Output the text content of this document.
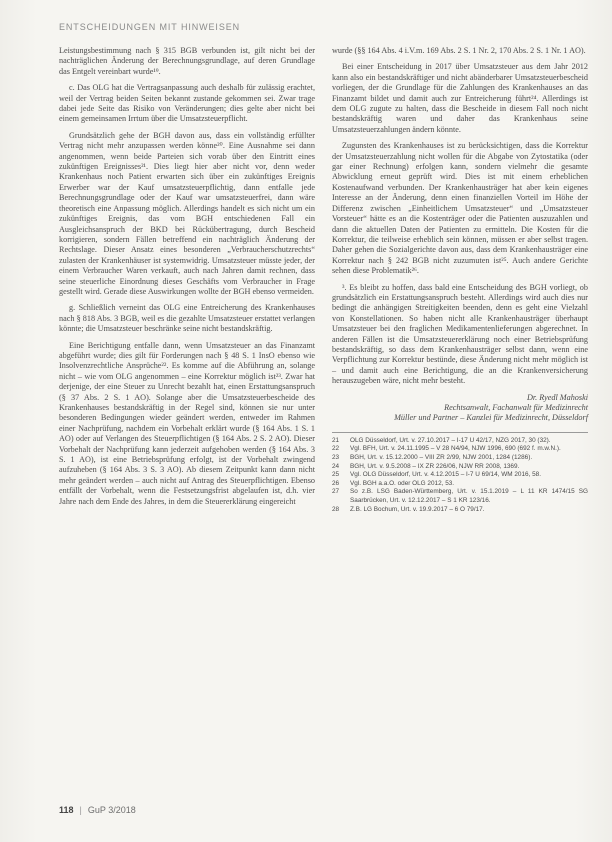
ENTSCHEIDUNGEN MIT HINWEISEN

Leistungsbestimmung nach § 315 BGB verbunden ist, gilt nicht bei der nachträglichen Änderung der Berechnungsgrundlage, auf deren Grundlage das Entgelt vereinbart wurde¹⁹.

c. Das OLG hat die Vertragsanpassung auch deshalb für zulässig erachtet, weil der Vertrag beiden Seiten bekannt zustande gekommen sei. Zwar trage dabei jede Seite das Risiko von Veränderungen; dies gelte aber nicht bei einem gemeinsamen Irrtum über die Umsatzsteuerpflicht.

Grundsätzlich gehe der BGH davon aus, dass ein vollständig erfüllter Vertrag nicht mehr anzupassen werden könne²⁰. Eine Ausnahme sei dann angenommen, wenn beide Parteien sich vorab über den Eintritt eines zukünftigen Ereignisses²¹. Dies liegt hier aber nicht vor, denn weder Krankenhaus noch Patient erwarten sich über ein zukünftiges Ereignis Erwerber war der Kauf umsatzsteuerpflichtig, dann entfalle jede Berechnungsgrundlage oder der Kauf war umsatzsteuerfrei, dann wäre theoretisch eine Anpassung möglich. Allerdings handelt es sich nicht um ein zukünftiges Ereignis, das vom BGH entschiedenen Fall ein Ausgleichsanspruch der BKD bei Rückübertragung, durch Bescheid korrigieren, sondern Fällen betreffend ein nachträglich Änderung der Rechtslage. Dieser Ansatz eines besonderen „Verbraucherschutzrechts“ zulasten der Krankenhäuser ist systemwidrig. Umsatzsteuer müsste jeder, der einem Verbraucher Waren verkauft, auch nach Jahren damit rechnen, dass seine steuerliche Einordnung dieses Geschäfts vom Verbraucher in Frage gestellt wird. Gerade diese Auswirkungen wollte der BGH ebenso vermeiden.

g. Schließlich verneint das OLG eine Entreicherung des Krankenhauses nach § 818 Abs. 3 BGB, weil es die gezahlte Umsatzsteuer erstattet verlangen könnte; die Umsatzsteuer beschränke seine nicht bestandskräftig.

Eine Berichtigung entfalle dann, wenn Umsatzsteuer an das Finanzamt abgeführt wurde; dies gilt für Forderungen nach § 48 S. 1 InsO ebenso wie Insolvenzrechtliche Ansprüche²². Es komme auf die Abführung an, solange nicht – wie vom OLG angenommen – eine Korrektur möglich ist²³. Zwar hat derjenige, der eine Steuer zu Unrecht bezahlt hat, einen Erstattungsanspruch (§ 37 Abs. 2 S. 1 AO). Solange aber die Umsatzsteuerbescheide des Krankenhauses bestandskräftig in der Regel sind, können sie nur unter besonderen Bedingungen wieder geändert werden, entweder im Rahmen einer Nachprüfung, nachdem ein Vorbehalt erklärt wurde (§ 164 Abs. 1 S. 1 AO) oder auf Verlangen des Steuerpflichtigen (§ 164 Abs. 2 S. 2 AO). Dieser Vorbehalt der Nachprüfung kann jederzeit aufgehoben werden (§ 164 Abs. 3 S. 1 AO), ist eine Betriebsprüfung erfolgt, ist der Vorbehalt zwingend aufzuheben (§ 164 Abs. 3 S. 3 AO). Ab diesem Zeitpunkt kann dann nicht mehr geändert werden – auch nicht auf Antrag des Steuerpflichtigen. Ebenso entfällt der Vorbehalt, wenn die Festsetzungsfrist abgelaufen ist, d.h. vier Jahre nach dem Ende des Jahres, in dem die Steuererklärung eingereicht

wurde (§§ 164 Abs. 4 i.V.m. 169 Abs. 2 S. 1 Nr. 2, 170 Abs. 2 S. 1 Nr. 1 AO).

Bei einer Entscheidung in 2017 über Umsatzsteuer aus dem Jahr 2012 kann also ein bestandskräftiger und nicht abänderbarer Umsatzsteuerbescheid vorliegen, der die Grundlage für die Zahlungen des Krankenhauses an das Finanzamt bildet und damit auch zur Entreicherung führt²⁴. Allerdings ist dem OLG zugute zu halten, dass die Bescheide in diesem Fall noch nicht bestandskräftig waren und daher das Krankenhaus seine Umsatzsteuerzahlungen ändern könnte.

Zugunsten des Krankenhauses ist zu berücksichtigen, dass die Korrektur der Umsatzsteuerzahlung nicht wollen für die Abgabe von Zytostatika (oder gar einer Rechnung) erfolgen kann, sondern vielmehr die gesamte Abwicklung erneut geprüft wird. Dies ist mit einem erheblichen Kostenaufwand verbunden. Der Krankenhausträger hat aber kein eigenes Interesse an der Änderung, denn einen finanziellen Vorteil im Höhe der Differenz zwischen „Einheitlichem Umsatzsteuer“ und „Umsatzsteuer Vorsteuer“ hätte es an die Kostenträger oder die Patienten auszuzahlen und dann die aktuellen Daten der Patienten zu ermitteln. Die Kosten für die Korrektur, die teilweise erheblich sein können, müssen er aber selbst tragen. Daher gehen die Sozialgerichte davon aus, dass dem Krankenhausträger eine Korrektur nach § 242 BGB nicht zuzumuten ist²⁵. Auch andere Gerichte sehen diese Problematik²⁶.

³. Es bleibt zu hoffen, dass bald eine Entscheidung des BGH vorliegt, ob grundsätzlich ein Erstattungsanspruch besteht. Allerdings wird auch dies nur bedingt die anhängigen Streitigkeiten beenden, denn es geht eine Vielzahl von Konstellationen. So haben nicht alle Krankenhausträger überhaupt Umsatzsteuer bei den fraglichen Medikamentenlieferungen abgerechnet. In anderen Fällen ist die Umsatzsteuererklärung noch einer Betriebsprüfung bestandskräftig, so dass dem Krankenhausträger selbst dann, wenn eine Verpflichtung zur Korrektur bestünde, diese Änderung nicht mehr möglich ist – und damit auch eine Berichtigung, die an die Krankenversicherung herauszugeben wäre, nicht mehr besteht.

Dr. Ryedl Mahoski
Rechtsanwalt, Fachanwalt für Medizinrecht
Müller und Partner – Kanzlei für Medizinrecht, Düsseldorf
21	OLG Düsseldorf, Urt. v. 27.10.2017 – I-17 U 42/17, NZG 2017, 30 (32).
22	Vgl. BFH, Urt. v. 24.11.1995 – V 28 N4/94, NJW 1996, 690 (692 f. m.w.N.).
23	BGH, Urt. v. 15.12.2000 – VIII ZR 2/99, NJW 2001, 1284 (1286).
24	BGH, Urt. v. 9.5.2008 – IX ZR 226/06, NJW RR 2008, 1369.
25	Vgl. OLG Düsseldorf, Urt. v. 4.12.2015 – I-7 U 69/14, WM 2016, 58.
26	Vgl. BGH a.a.O. oder OLG 2012, 53.
27	So z.B. LSG Baden-Württemberg, Urt. v. 15.1.2019 – L 11 KR 1474/15 SG Saarbrücken, Urt. v. 12.12.2017 – S 1 KR 123/16.
28	Z.B. LG Bochum, Urt. v. 19.9.2017 – 6 O 79/17.
118 | GuP 3/2018
